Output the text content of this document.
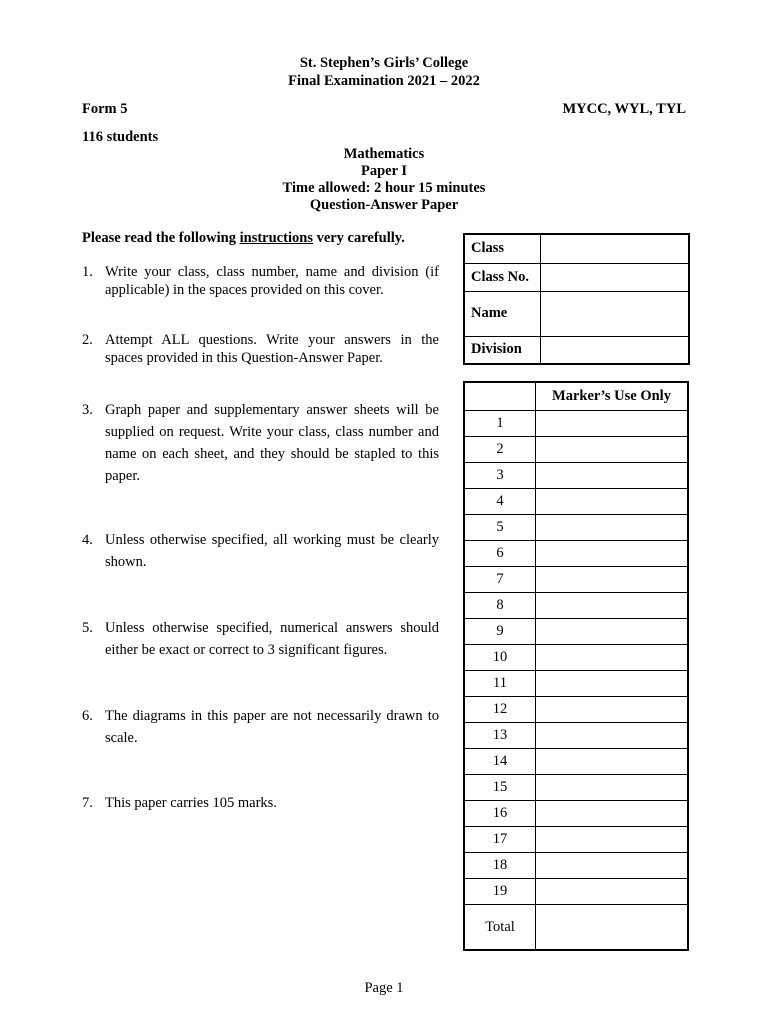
St. Stephen’s Girls’ College
Final Examination 2021 – 2022
Form 5	MYCC, WYL, TYL
116 students
Mathematics
Paper I
Time allowed: 2 hour 15 minutes
Question-Answer Paper
Please read the following instructions very carefully.
1. Write your class, class number, name and division (if applicable) in the spaces provided on this cover.
2. Attempt ALL questions. Write your answers in the spaces provided in this Question-Answer Paper.
3. Graph paper and supplementary answer sheets will be supplied on request. Write your class, class number and name on each sheet, and they should be stapled to this paper.
4. Unless otherwise specified, all working must be clearly shown.
5. Unless otherwise specified, numerical answers should either be exact or correct to 3 significant figures.
6. The diagrams in this paper are not necessarily drawn to scale.
7. This paper carries 105 marks.
Class	
Class No.	
Name	
Division	
	Marker’s Use Only
1	
2	
3	
4	
5	
6	
7	
8	
9	
10	
11	
12	
13	
14	
15	
16	
17	
18	
19	
Total	
Page 1
